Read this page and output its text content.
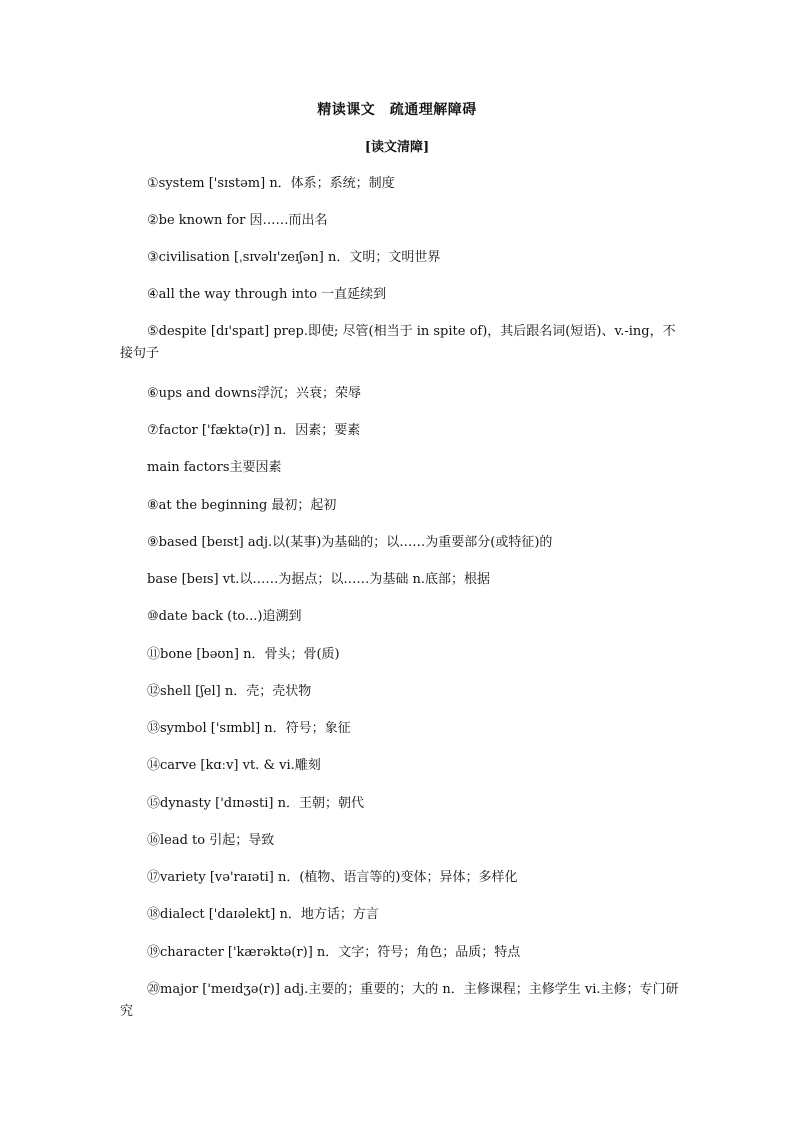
精读课文　疏通理解障碍
[读文清障]
①system ['sɪstəm] n．体系；系统；制度
②be known for 因……而出名
③civilisation [ˌsɪvəlɪ'zeɪʃən] n．文明；文明世界
④all the way through into 一直延续到
⑤despite [dɪ'spaɪt] prep.即使; 尽管(相当于 in spite of)，其后跟名词(短语)、v.-ing，不接句子
⑥ups and downs浮沉；兴衰；荣辱
⑦factor ['fæktə(r)] n．因素；要素
main factors主要因素
⑧at the beginning 最初；起初
⑨based [beɪst] adj.以(某事)为基础的；以……为重要部分(或特征)的
base [beɪs] vt.以……为据点；以……为基础 n.底部；根据
⑩date back (to...)追溯到
⑪bone [bəʊn] n．骨头；骨(质)
⑫shell [ʃel] n．壳；壳状物
⑬symbol ['sɪmbl] n．符号；象征
⑭carve [kɑːv] vt. & vi.雕刻
⑮dynasty ['dɪnəsti] n．王朝；朝代
⑯lead to 引起；导致
⑰variety [və'raɪəti] n．(植物、语言等的)变体；异体；多样化
⑱dialect ['daɪəlekt] n．地方话；方言
⑲character ['kærəktə(r)] n．文字；符号；角色；品质；特点
⑳major ['meɪdʒə(r)] adj.主要的；重要的；大的 n．主修课程；主修学生 vi.主修；专门研究
